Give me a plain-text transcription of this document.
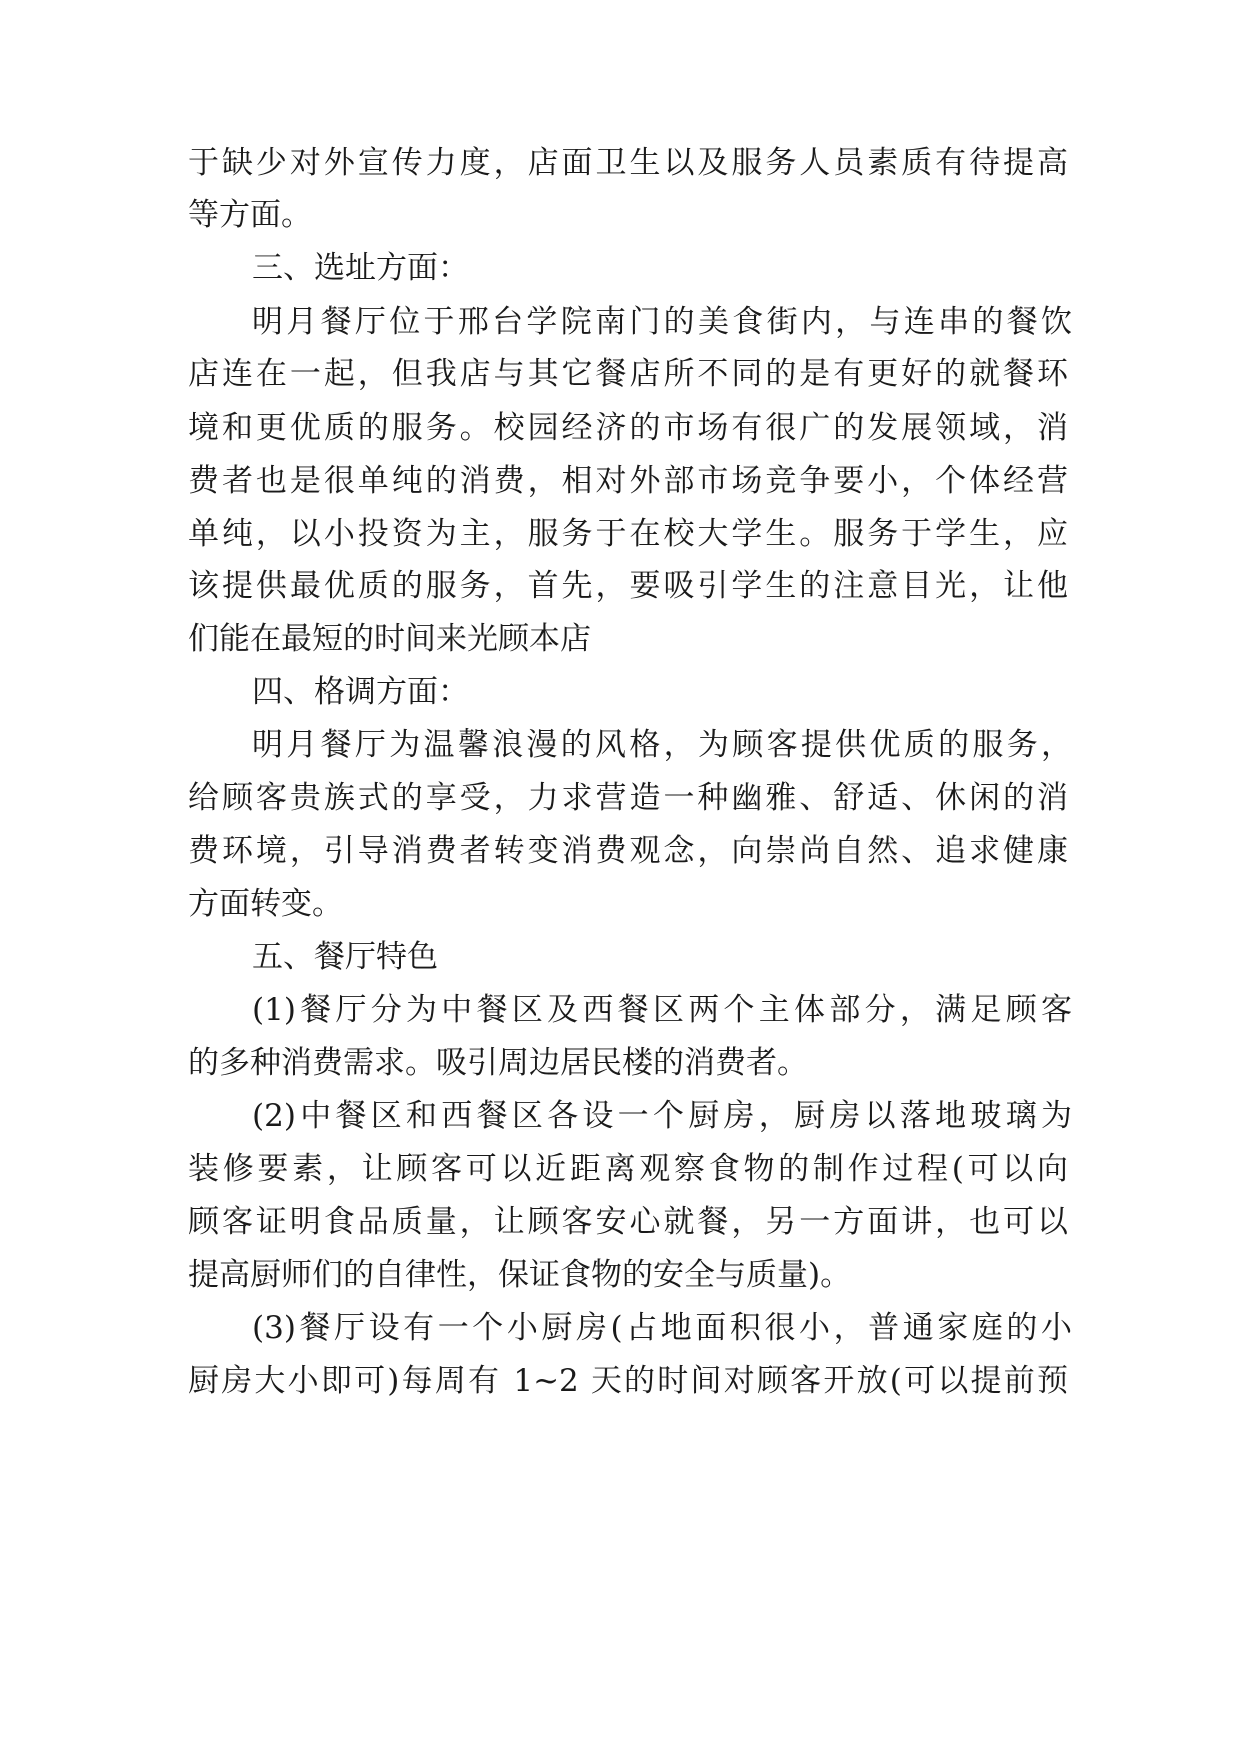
于缺少对外宣传力度，店面卫生以及服务人员素质有待提高
等方面。
三、选址方面：
明月餐厅位于邢台学院南门的美食街内，与连串的餐饮
店连在一起，但我店与其它餐店所不同的是有更好的就餐环
境和更优质的服务。校园经济的市场有很广的发展领域，消
费者也是很单纯的消费，相对外部市场竞争要小，个体经营
单纯，以小投资为主，服务于在校大学生。服务于学生，应
该提供最优质的服务，首先，要吸引学生的注意目光，让他
们能在最短的时间来光顾本店
四、格调方面：
明月餐厅为温馨浪漫的风格，为顾客提供优质的服务，
给顾客贵族式的享受，力求营造一种幽雅、舒适、休闲的消
费环境，引导消费者转变消费观念，向崇尚自然、追求健康
方面转变。
五、餐厅特色
(1)餐厅分为中餐区及西餐区两个主体部分，满足顾客
的多种消费需求。吸引周边居民楼的消费者。
(2)中餐区和西餐区各设一个厨房，厨房以落地玻璃为
装修要素，让顾客可以近距离观察食物的制作过程(可以向
顾客证明食品质量，让顾客安心就餐，另一方面讲，也可以
提高厨师们的自律性，保证食物的安全与质量)。
(3)餐厅设有一个小厨房(占地面积很小，普通家庭的小
厨房大小即可)每周有 1~2 天的时间对顾客开放(可以提前预
